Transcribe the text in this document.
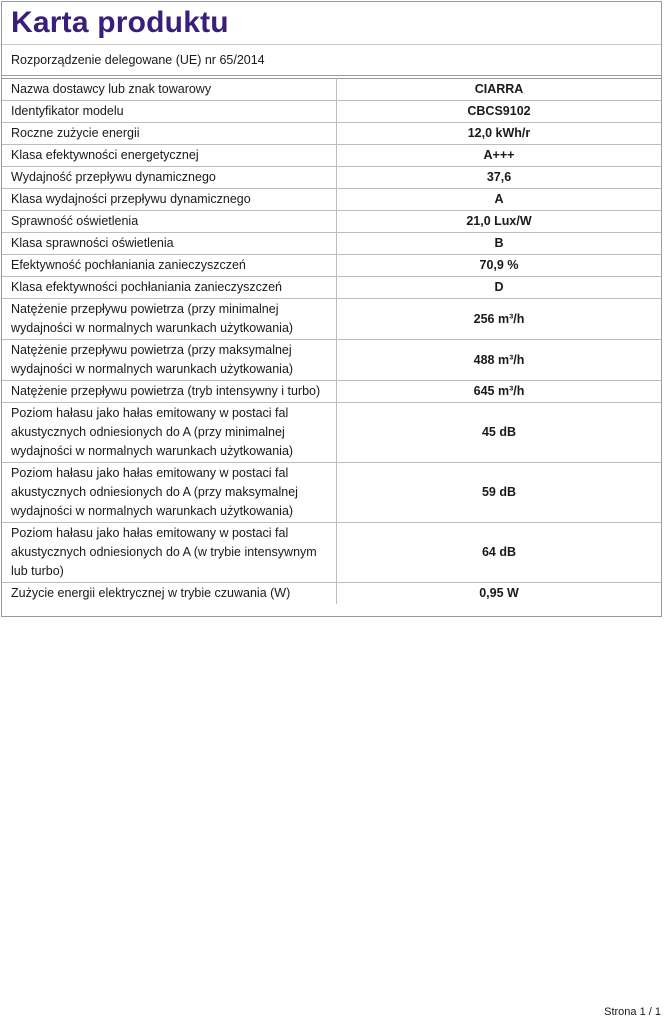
Karta produktu
Rozporządzenie delegowane (UE) nr 65/2014
Nazwa dostawcy lub znak towarowy	CIARRA
Identyfikator modelu	CBCS9102
Roczne zużycie energii	12,0 kWh/r
Klasa efektywności energetycznej	A+++
Wydajność przepływu dynamicznego	37,6
Klasa wydajności przepływu dynamicznego	A
Sprawność oświetlenia	21,0 Lux/W
Klasa sprawności oświetlenia	B
Efektywność pochłaniania zanieczyszczeń	70,9 %
Klasa efektywności pochłaniania zanieczyszczeń	D
Natężenie przepływu powietrza (przy minimalnej wydajności w normalnych warunkach użytkowania)	256 m³/h
Natężenie przepływu powietrza (przy maksymalnej wydajności w normalnych warunkach użytkowania)	488 m³/h
Natężenie przepływu powietrza (tryb intensywny i turbo)	645 m³/h
Poziom hałasu jako hałas emitowany w postaci fal akustycznych odniesionych do A (przy minimalnej wydajności w normalnych warunkach użytkowania)	45 dB
Poziom hałasu jako hałas emitowany w postaci fal akustycznych odniesionych do A (przy maksymalnej wydajności w normalnych warunkach użytkowania)	59 dB
Poziom hałasu jako hałas emitowany w postaci fal akustycznych odniesionych do A (w trybie intensywnym lub turbo)	64 dB
Zużycie energii elektrycznej w trybie czuwania (W)	0,95 W
Strona 1 / 1
